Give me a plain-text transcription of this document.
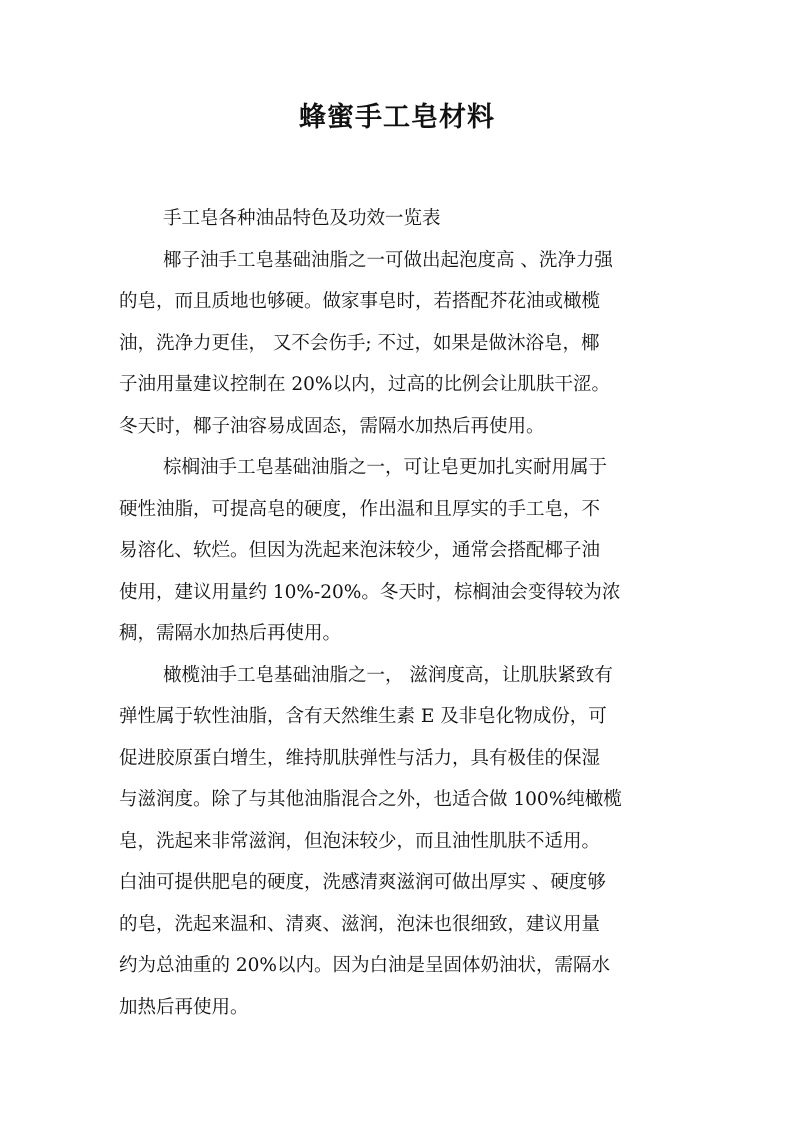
蜂蜜手工皂材料
手工皂各种油品特色及功效一览表
椰子油手工皂基础油脂之一可做出起泡度高 、洗净力强
的皂，而且质地也够硬。做家事皂时，若搭配芥花油或橄榄
油，洗净力更佳， 又不会伤手; 不过，如果是做沐浴皂，椰
子油用量建议控制在 20%以内，过高的比例会让肌肤干涩。
冬天时，椰子油容易成固态，需隔水加热后再使用。
棕榈油手工皂基础油脂之一，可让皂更加扎实耐用属于
硬性油脂，可提高皂的硬度，作出温和且厚实的手工皂，不
易溶化、软烂。但因为洗起来泡沫较少，通常会搭配椰子油
使用，建议用量约 10%-20%。冬天时，棕榈油会变得较为浓
稠，需隔水加热后再使用。
橄榄油手工皂基础油脂之一， 滋润度高，让肌肤紧致有
弹性属于软性油脂，含有天然维生素 E 及非皂化物成份，可
促进胶原蛋白增生，维持肌肤弹性与活力，具有极佳的保湿
与滋润度。除了与其他油脂混合之外，也适合做 100%纯橄榄
皂，洗起来非常滋润，但泡沫较少，而且油性肌肤不适用。
白油可提供肥皂的硬度，洗感清爽滋润可做出厚实 、硬度够
的皂，洗起来温和、清爽、滋润，泡沫也很细致，建议用量
约为总油重的 20%以内。因为白油是呈固体奶油状，需隔水
加热后再使用。
